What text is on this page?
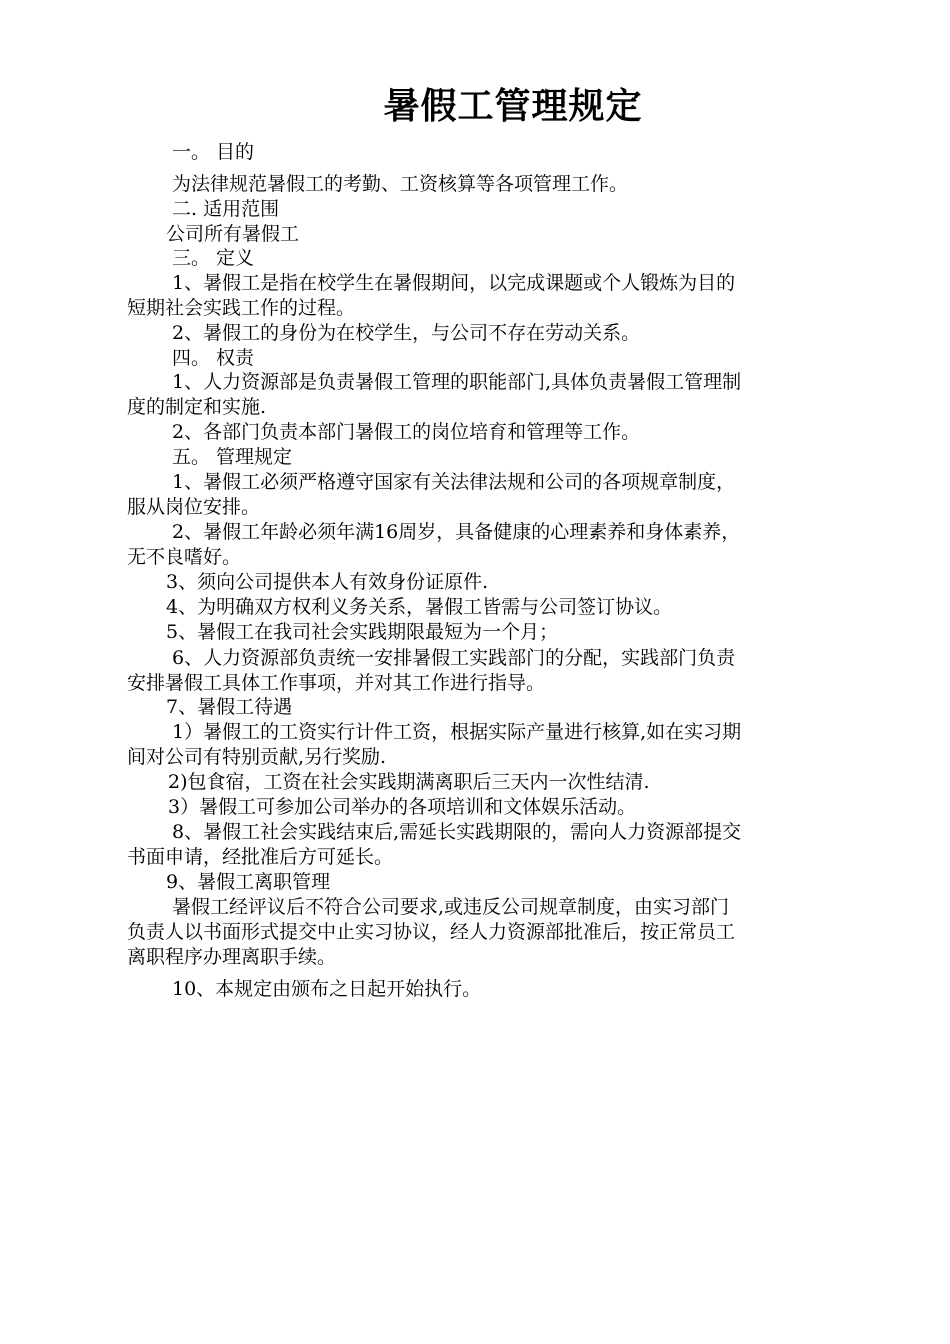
暑假工管理规定
一。 目的
为法律规范暑假工的考勤、工资核算等各项管理工作。
二. 适用范围
公司所有暑假工
三。 定义
1、暑假工是指在校学生在暑假期间，以完成课题或个人锻炼为目的
短期社会实践工作的过程。
2、暑假工的身份为在校学生，与公司不存在劳动关系。
四。 权责
1、人力资源部是负责暑假工管理的职能部门,具体负责暑假工管理制
度的制定和实施.
2、各部门负责本部门暑假工的岗位培育和管理等工作。
五。 管理规定
1、暑假工必须严格遵守国家有关法律法规和公司的各项规章制度，
服从岗位安排。
2、暑假工年龄必须年满16周岁，具备健康的心理素养和身体素养，
无不良嗜好。
3、须向公司提供本人有效身份证原件.
4、为明确双方权利义务关系，暑假工皆需与公司签订协议。
5、暑假工在我司社会实践期限最短为一个月；
6、人力资源部负责统一安排暑假工实践部门的分配，实践部门负责
安排暑假工具体工作事项，并对其工作进行指导。
7、暑假工待遇
1）暑假工的工资实行计件工资，根据实际产量进行核算,如在实习期
间对公司有特别贡献,另行奖励.
2)包食宿，工资在社会实践期满离职后三天内一次性结清.
3）暑假工可参加公司举办的各项培训和文体娱乐活动。
8、暑假工社会实践结束后,需延长实践期限的，需向人力资源部提交
书面申请，经批准后方可延长。
9、暑假工离职管理
暑假工经评议后不符合公司要求,或违反公司规章制度，由实习部门
负责人以书面形式提交中止实习协议，经人力资源部批准后，按正常员工
离职程序办理离职手续。
10、本规定由颁布之日起开始执行。
